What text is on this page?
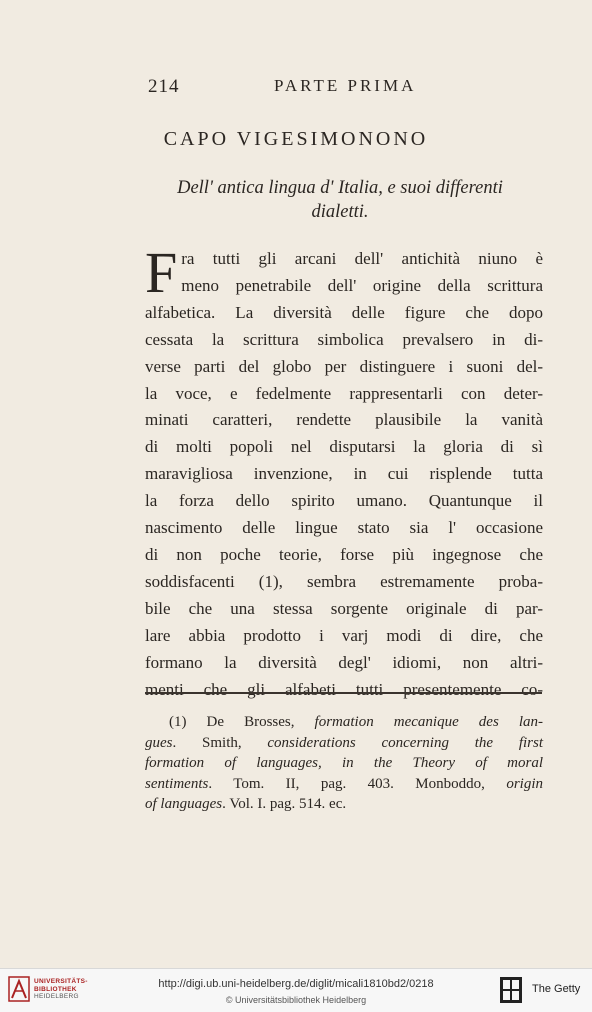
214	PARTE PRIMA
CAPO VIGESIMONONO
Dell' antica lingua d' Italia, e suoi differenti
dialetti.
F ra tutti gli arcani dell' antichità niuno è
meno penetrabile dell' origine della scrittura
alfabetica. La diversità delle figure che dopo
cessata la scrittura simbolica prevalsero in di-
verse parti del globo per distinguere i suoni del-
la voce, e fedelmente rappresentarli con deter-
minati caratteri, rendette plausibile la vanità
di molti popoli nel disputarsi la gloria di sì
maravigliosa invenzione, in cui risplende tutta
la forza dello spirito umano. Quantunque il
nascimento delle lingue stato sia l' occasione
di non poche teorie, forse più ingegnose che
soddisfacenti (1), sembra estremamente proba-
bile che una stessa sorgente originale di par-
lare abbia prodotto i varj modi di dire, che
formano la diversità degl' idiomi, non altri-
menti che gli alfabeti tutti presentemente co-
(1) De Brosses, formation mecanique des lan-
gues. Smith, considerations concerning the first
formation of languages, in the Theory of moral
sentiments. Tom. II, pag. 403. Monboddo, origin
of languages. Vol. I. pag. 514. ec.
UNIVERSITÄTS-
BIBLIOTHEK
HEIDELBERG
http://digi.ub.uni-heidelberg.de/diglit/micali1810bd2/0218
© Universitätsbibliothek Heidelberg
The Getty
